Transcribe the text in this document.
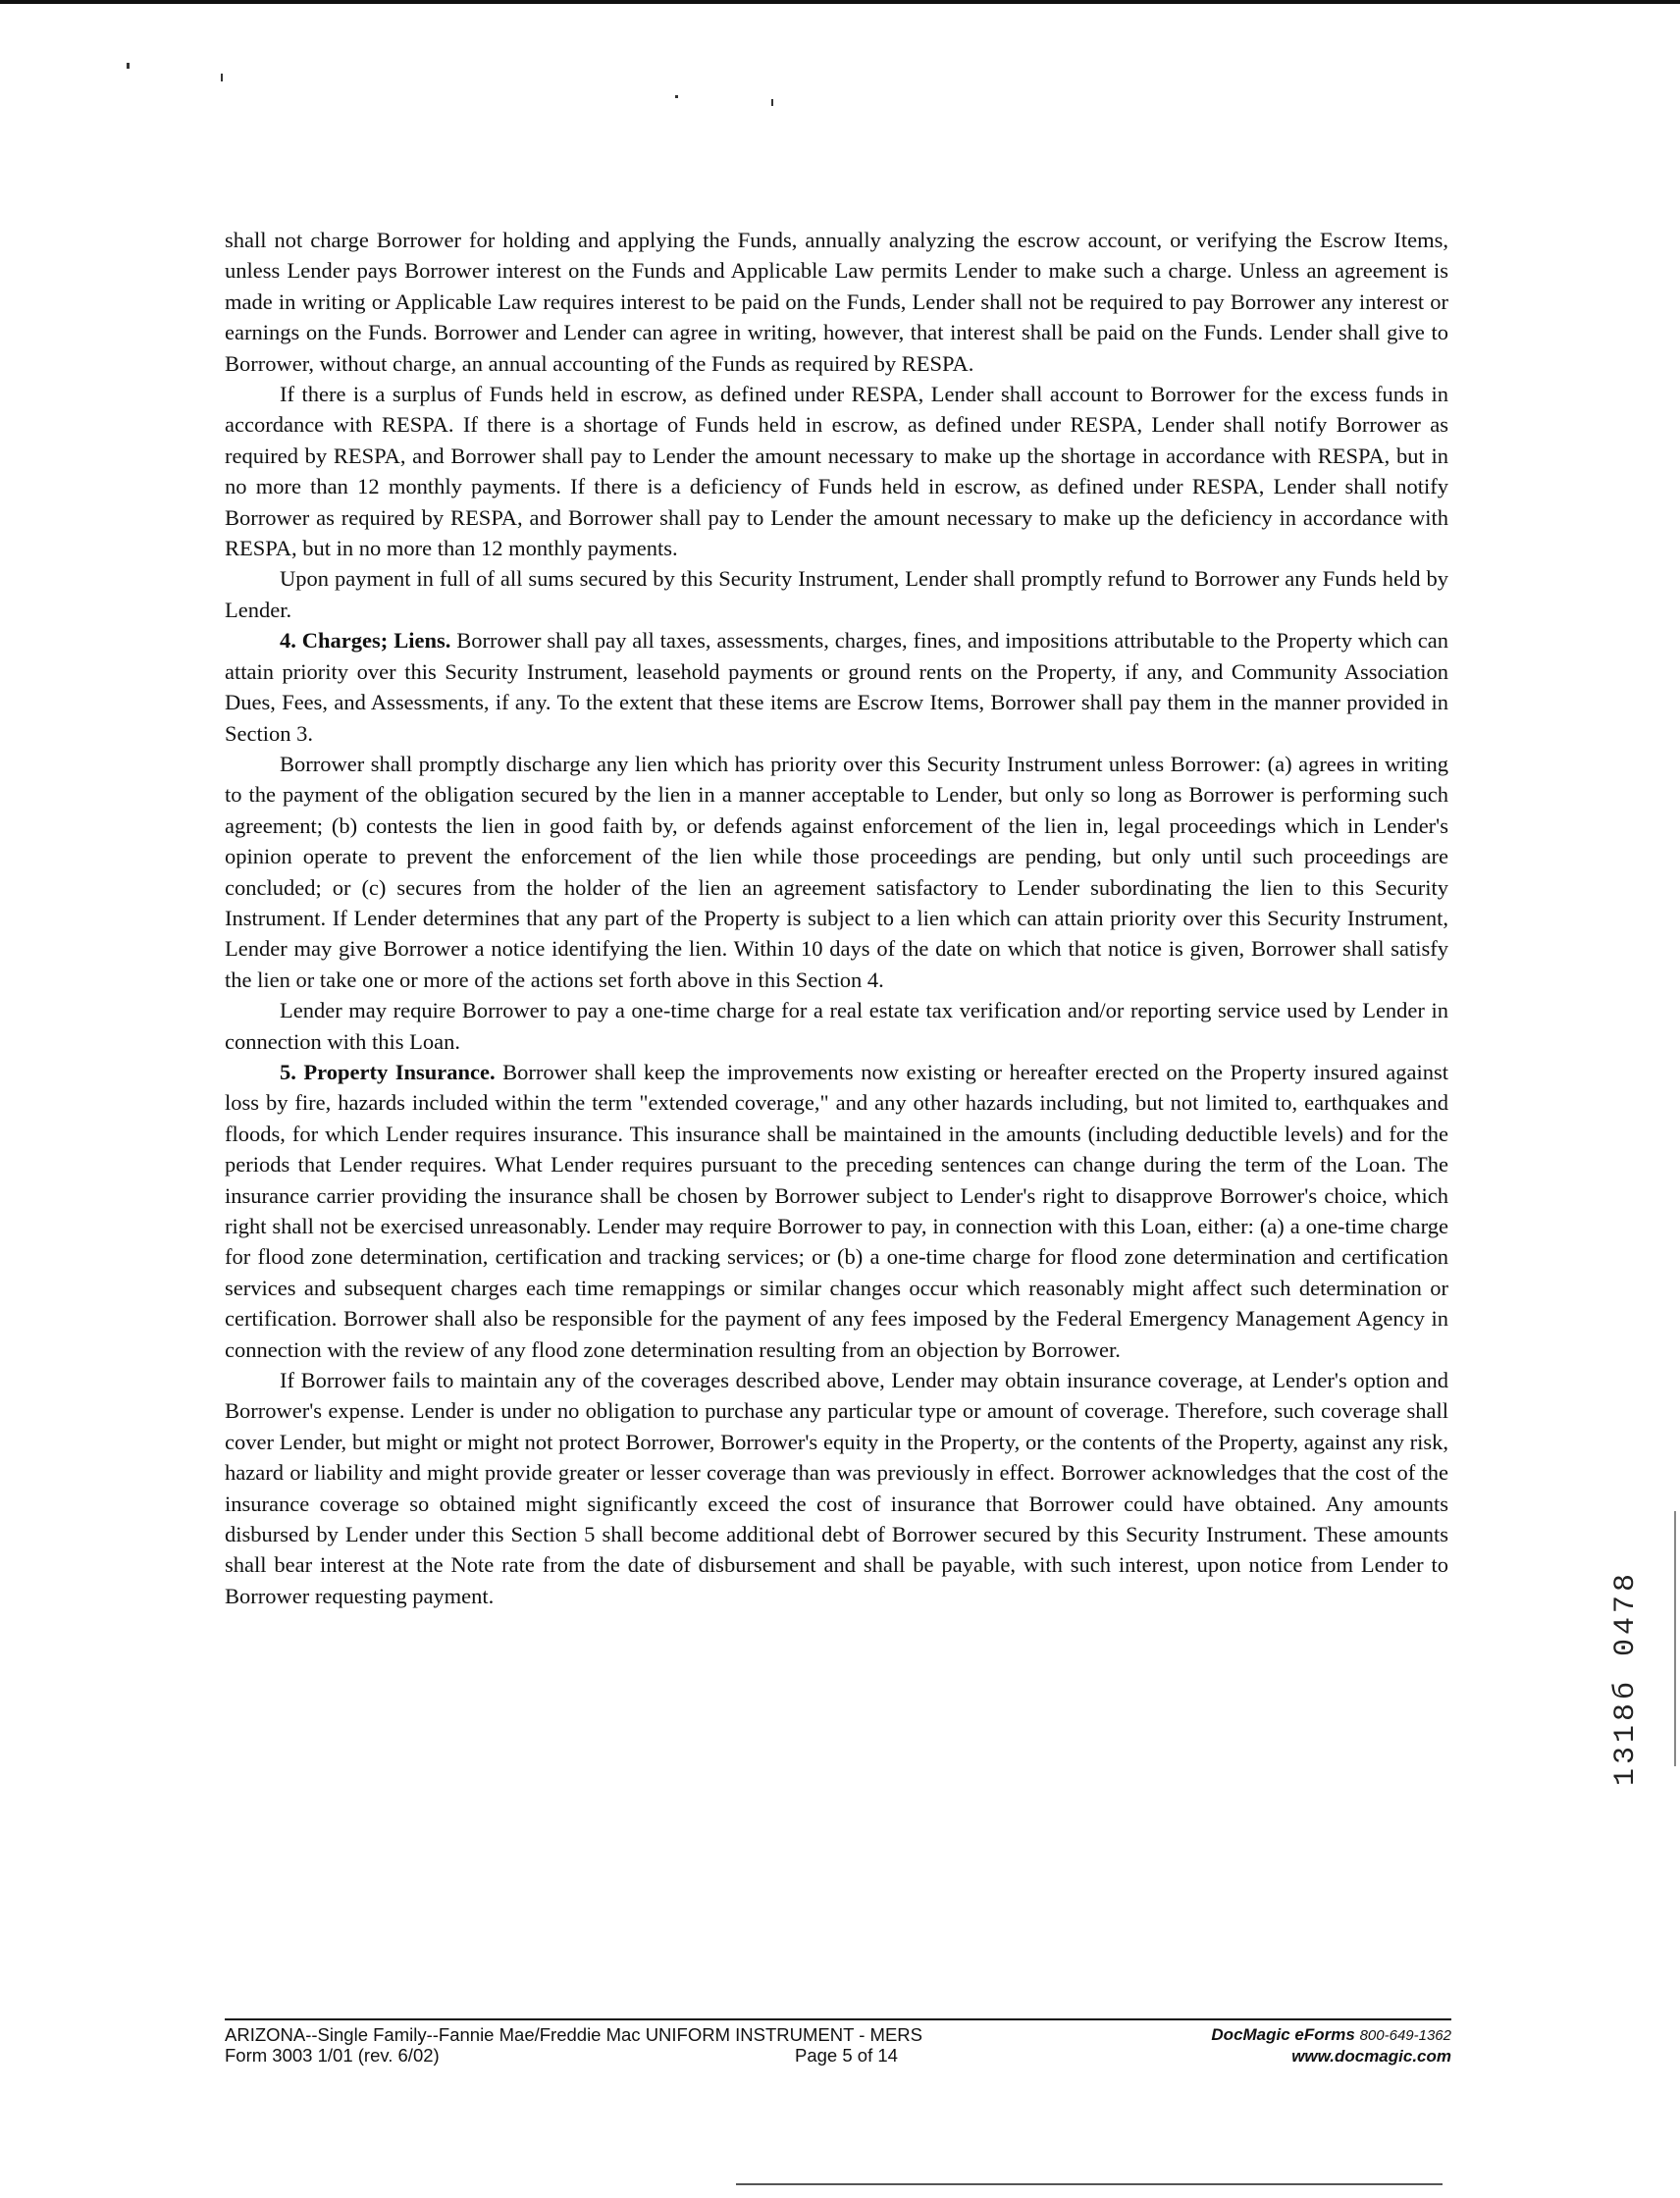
shall not charge Borrower for holding and applying the Funds, annually analyzing the escrow account, or verifying the Escrow Items, unless Lender pays Borrower interest on the Funds and Applicable Law permits Lender to make such a charge. Unless an agreement is made in writing or Applicable Law requires interest to be paid on the Funds, Lender shall not be required to pay Borrower any interest or earnings on the Funds. Borrower and Lender can agree in writing, however, that interest shall be paid on the Funds. Lender shall give to Borrower, without charge, an annual accounting of the Funds as required by RESPA.

If there is a surplus of Funds held in escrow, as defined under RESPA, Lender shall account to Borrower for the excess funds in accordance with RESPA. If there is a shortage of Funds held in escrow, as defined under RESPA, Lender shall notify Borrower as required by RESPA, and Borrower shall pay to Lender the amount necessary to make up the shortage in accordance with RESPA, but in no more than 12 monthly payments. If there is a deficiency of Funds held in escrow, as defined under RESPA, Lender shall notify Borrower as required by RESPA, and Borrower shall pay to Lender the amount necessary to make up the deficiency in accordance with RESPA, but in no more than 12 monthly payments.

Upon payment in full of all sums secured by this Security Instrument, Lender shall promptly refund to Borrower any Funds held by Lender.

4. Charges; Liens. Borrower shall pay all taxes, assessments, charges, fines, and impositions attributable to the Property which can attain priority over this Security Instrument, leasehold payments or ground rents on the Property, if any, and Community Association Dues, Fees, and Assessments, if any. To the extent that these items are Escrow Items, Borrower shall pay them in the manner provided in Section 3.

Borrower shall promptly discharge any lien which has priority over this Security Instrument unless Borrower: (a) agrees in writing to the payment of the obligation secured by the lien in a manner acceptable to Lender, but only so long as Borrower is performing such agreement; (b) contests the lien in good faith by, or defends against enforcement of the lien in, legal proceedings which in Lender's opinion operate to prevent the enforcement of the lien while those proceedings are pending, but only until such proceedings are concluded; or (c) secures from the holder of the lien an agreement satisfactory to Lender subordinating the lien to this Security Instrument. If Lender determines that any part of the Property is subject to a lien which can attain priority over this Security Instrument, Lender may give Borrower a notice identifying the lien. Within 10 days of the date on which that notice is given, Borrower shall satisfy the lien or take one or more of the actions set forth above in this Section 4.

Lender may require Borrower to pay a one-time charge for a real estate tax verification and/or reporting service used by Lender in connection with this Loan.

5. Property Insurance. Borrower shall keep the improvements now existing or hereafter erected on the Property insured against loss by fire, hazards included within the term "extended coverage," and any other hazards including, but not limited to, earthquakes and floods, for which Lender requires insurance. This insurance shall be maintained in the amounts (including deductible levels) and for the periods that Lender requires. What Lender requires pursuant to the preceding sentences can change during the term of the Loan. The insurance carrier providing the insurance shall be chosen by Borrower subject to Lender's right to disapprove Borrower's choice, which right shall not be exercised unreasonably. Lender may require Borrower to pay, in connection with this Loan, either: (a) a one-time charge for flood zone determination, certification and tracking services; or (b) a one-time charge for flood zone determination and certification services and subsequent charges each time remappings or similar changes occur which reasonably might affect such determination or certification. Borrower shall also be responsible for the payment of any fees imposed by the Federal Emergency Management Agency in connection with the review of any flood zone determination resulting from an objection by Borrower.

If Borrower fails to maintain any of the coverages described above, Lender may obtain insurance coverage, at Lender's option and Borrower's expense. Lender is under no obligation to purchase any particular type or amount of coverage. Therefore, such coverage shall cover Lender, but might or might not protect Borrower, Borrower's equity in the Property, or the contents of the Property, against any risk, hazard or liability and might provide greater or lesser coverage than was previously in effect. Borrower acknowledges that the cost of the insurance coverage so obtained might significantly exceed the cost of insurance that Borrower could have obtained. Any amounts disbursed by Lender under this Section 5 shall become additional debt of Borrower secured by this Security Instrument. These amounts shall bear interest at the Note rate from the date of disbursement and shall be payable, with such interest, upon notice from Lender to Borrower requesting payment.

ARIZONA--Single Family--Fannie Mae/Freddie Mac UNIFORM INSTRUMENT - MERS
Form 3003 1/01 (rev. 6/02)	Page 5 of 14
DocMagic eForms 800-649-1362
www.docmagic.com
1318б 0478
